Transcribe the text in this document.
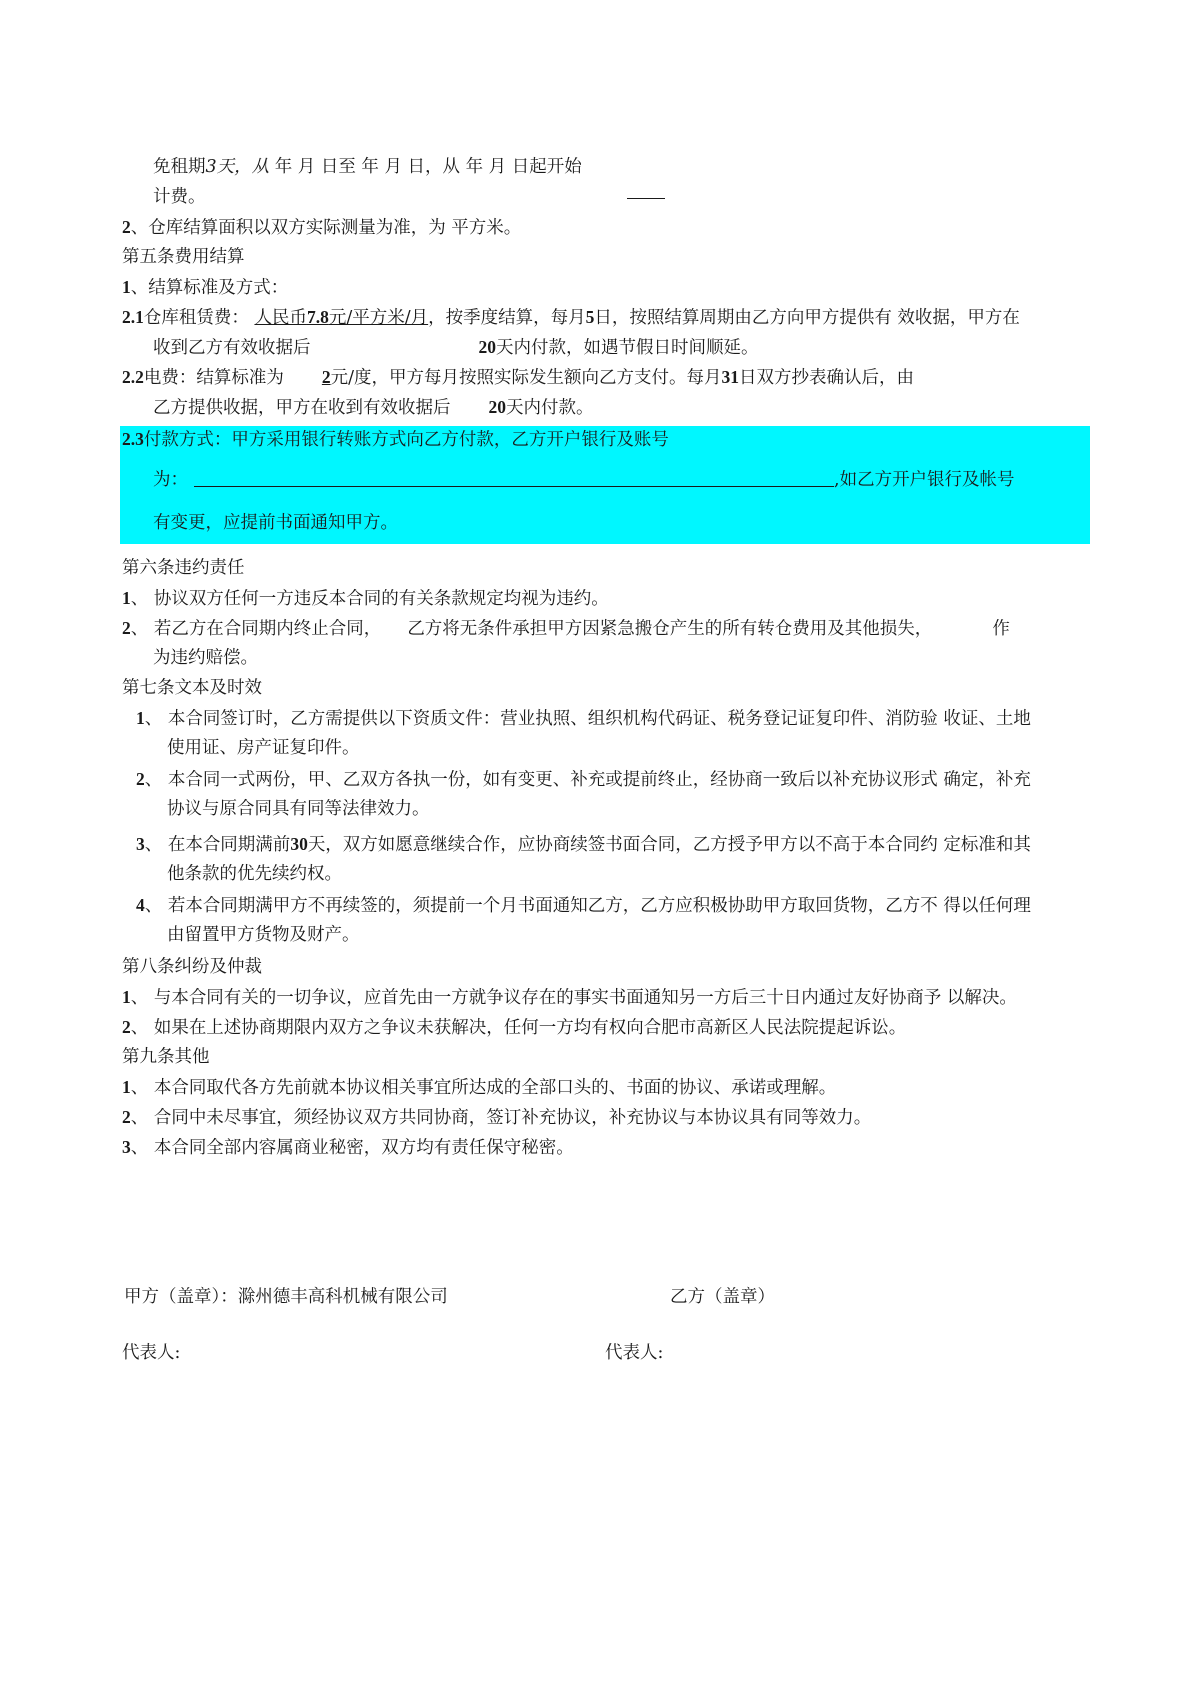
免租期3天，从 年 月 日至 年 月 日，从 年 月 日起开始
计费。
2、仓库结算面积以双方实际测量为准，为 平方米。
第五条费用结算
1、结算标准及方式：
2.1仓库租赁费： 人民币7.8元/平方米/月，按季度结算，每月5日，按照结算周期由乙方向甲方提供有 效收据，甲方在
收到乙方有效收据后	20天内付款，如遇节假日时间顺延。
2.2电费：结算标准为 2元/度，甲方每月按照实际发生额向乙方支付。每月31日双方抄表确认后，由
乙方提供收据，甲方在收到有效收据后 20天内付款。
2.3付款方式：甲方采用银行转账方式向乙方付款，乙方开户银行及账号
为：	,如乙方开户银行及帐号
有变更，应提前书面通知甲方。
第六条违约责任
1、 协议双方任何一方违反本合同的有关条款规定均视为违约。
2、 若乙方在合同期内终止合同， 乙方将无条件承担甲方因紧急搬仓产生的所有转仓费用及其他损失，	作
为违约赔偿。
第七条文本及时效
1、 本合同签订时，乙方需提供以下资质文件：营业执照、组织机构代码证、税务登记证复印件、消防验 收证、土地
使用证、房产证复印件。
2、 本合同一式两份，甲、乙双方各执一份，如有变更、补充或提前终止，经协商一致后以补充协议形式 确定，补充
协议与原合同具有同等法律效力。
3、 在本合同期满前30天，双方如愿意继续合作，应协商续签书面合同，乙方授予甲方以不高于本合同约 定标准和其
他条款的优先续约权。
4、 若本合同期满甲方不再续签的，须提前一个月书面通知乙方，乙方应积极协助甲方取回货物，乙方不 得以任何理
由留置甲方货物及财产。
第八条纠纷及仲裁
1、 与本合同有关的一切争议，应首先由一方就争议存在的事实书面通知另一方后三十日内通过友好协商予 以解决。
2、 如果在上述协商期限内双方之争议未获解决，任何一方均有权向合肥市高新区人民法院提起诉讼。
第九条其他
1、 本合同取代各方先前就本协议相关事宜所达成的全部口头的、书面的协议、承诺或理解。
2、 合同中未尽事宜，须经协议双方共同协商，签订补充协议，补充协议与本协议具有同等效力。
3、 本合同全部内容属商业秘密，双方均有责任保守秘密。
甲方（盖章）：滁州德丰高科机械有限公司	乙方（盖章）
代表人:	代表人:
